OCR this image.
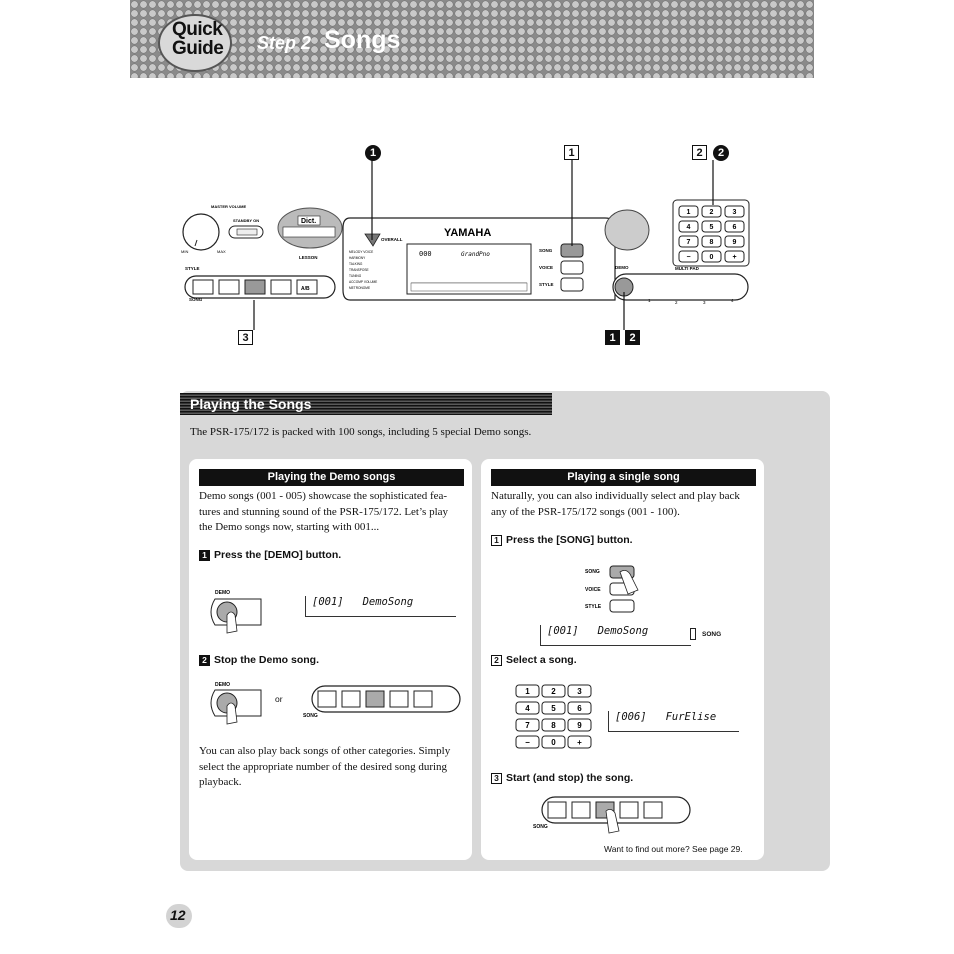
Quick
Guide	Step 2 Songs
MASTER VOLUME
MIN	MAX
STANDBY ON	Dict.
LESSON
STYLE
A/B
SONG
OVERALL
YAMAHA
000	GrandPno
MELODY VOICE
HARMONY
TALKING
TRANSPOSE
TUNING
ACCOMP VOLUME
METRONOME
SONG
VOICE
STYLE
DEMO	MULTI PAD
1	2	3	4
1	2	3
4	5	6
7	8	9
−	0	+
1	1	2	2
3	1	2
Playing the Songs
The PSR-175/172 is packed with 100 songs, including 5 special Demo songs.
Playing the Demo songs
Demo songs (001 - 005) showcase the sophisticated fea-
tures and stunning sound of the PSR-175/172. Let’s play
the Demo songs now, starting with 001...
1 Press the [DEMO] button.
DEMO
[001] DemoSong
2 Stop the Demo song.
DEMO
or
SONG
You can also play back songs of other categories. Simply
select the appropriate number of the desired song during
playback.
Playing a single song
Naturally, you can also individually select and play back
any of the PSR-175/172 songs (001 - 100).
1 Press the [SONG] button.
SONG
VOICE
STYLE
[001] DemoSong	SONG
2 Select a song.
1	2	3
4	5	6
7	8	9
−	0	+
[006] FurElise
3 Start (and stop) the song.
SONG
Want to find out more? See page 29.
12
